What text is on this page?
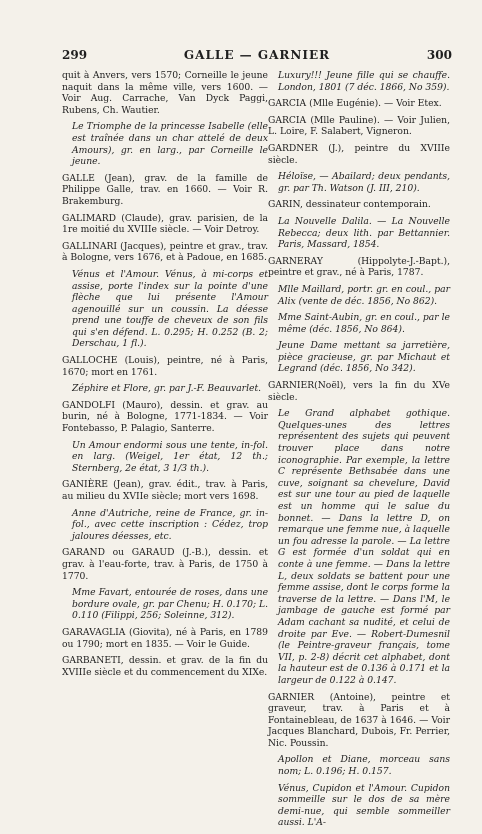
299	GALLE — GARNIER	300
quit à Anvers, vers 1570; Corneille le jeune naquit dans la même ville, vers 1600. — Voir Aug. Carrache, Van Dyck Paggi, Rubens, Ch. Wautier.
Le Triomphe de la princesse Isabelle (elle est traînée dans un char attelé de deux Amours), gr. en larg., par Corneille le jeune.
GALLE (Jean), grav. de la famille de Philippe Galle, trav. en 1660. — Voir R. Brakemburg.
GALIMARD (Claude), grav. parisien, de la 1re moitié du XVIIIe siècle. — Voir Detroy.
GALLINARI (Jacques), peintre et grav., trav. à Bologne, vers 1676, et à Padoue, en 1685.
Vénus et l'Amour. Vénus, à mi-corps et assise, porte l'index sur la pointe d'une flèche que lui présente l'Amour agenouillé sur un coussin. La déesse prend une touffe de cheveux de son fils qui s'en défend. L. 0.295; H. 0.252 (B. 2; Derschau, 1 fl.).
GALLOCHE (Louis), peintre, né à Paris, 1670; mort en 1761.
Zéphire et Flore, gr. par J.-F. Beauvarlet.
GANDOLFI (Mauro), dessin. et grav. au burin, né à Bologne, 1771-1834. — Voir Fontebasso, P. Palagio, Santerre.
Un Amour endormi sous une tente, in-fol. en larg. (Weigel, 1er état, 12 th.; Sternberg, 2e état, 3 1/3 th.).
GANIÈRE (Jean), grav. édit., trav. à Paris, au milieu du XVIIe siècle; mort vers 1698.
Anne d'Autriche, reine de France, gr. in-fol., avec cette inscription : Cédez, trop jaloures déesses, etc.
GARAND ou GARAUD (J.-B.), dessin. et grav. à l'eau-forte, trav. à Paris, de 1750 à 1770.
Mme Favart, entourée de roses, dans une bordure ovale, gr. par Chenu; H. 0.170; L. 0.110 (Filippi, 256; Soleinne, 312).
GARAVAGLIA (Giovita), né à Paris, en 1789 ou 1790; mort en 1835. — Voir le Guide.
GARBANETI, dessin. et grav. de la fin du XVIIIe siècle et du commencement du XIXe.
Luxury!!! Jeune fille qui se chauffe. London, 1801 (7 déc. 1866, No 359).
GARCIA (Mlle Eugénie). — Voir Etex.
GARCIA (Mlle Pauline). — Voir Julien, L. Loire, F. Salabert, Vigneron.
GARDNER (J.), peintre du XVIIIe siècle.
Héloïse, — Abailard; deux pendants, gr. par Th. Watson (J. III, 210).
GARIN, dessinateur contemporain.
La Nouvelle Dalila. — La Nouvelle Rebecca; deux lith. par Bettannier. Paris, Massard, 1854.
GARNERAY (Hippolyte-J.-Bapt.), peintre et grav., né à Paris, 1787.
Mlle Maillard, portr. gr. en coul., par Alix (vente de déc. 1856, No 862).
Mme Saint-Aubin, gr. en coul., par le même (déc. 1856, No 864).
Jeune Dame mettant sa jarretière, pièce gracieuse, gr. par Michaut et Legrand (déc. 1856, No 342).
GARNIER(Noël), vers la fin du XVe siècle.
Le Grand alphabet gothique. Quelques-unes des lettres représentent des sujets qui peuvent trouver place dans notre iconographie. Par exemple, la lettre C représente Bethsabée dans une cuve, soignant sa chevelure, David est sur une tour au pied de laquelle est un homme qui le salue du bonnet. — Dans la lettre D, on remarque une femme nue, à laquelle un fou adresse la parole. — La lettre G est formée d'un soldat qui en conte à une femme. — Dans la lettre L, deux soldats se battent pour une femme assise, dont le corps forme la traverse de la lettre. — Dans l'M, le jambage de gauche est formé par Adam cachant sa nudité, et celui de droite par Eve. — Robert-Dumesnil (le Peintre-graveur français, tome VII, p. 2-8) décrit cet alphabet, dont la hauteur est de 0.136 à 0.171 et la largeur de 0.122 à 0.147.
GARNIER (Antoine), peintre et graveur, trav. à Paris et à Fontainebleau, de 1637 à 1646. — Voir Jacques Blanchard, Dubois, Fr. Perrier, Nic. Poussin.
Apollon et Diane, morceau sans nom; L. 0.196; H. 0.157.
Vénus, Cupidon et l'Amour. Cupidon sommeille sur le dos de sa mère demi-nue, qui semble sommeiller aussi. L'A-
